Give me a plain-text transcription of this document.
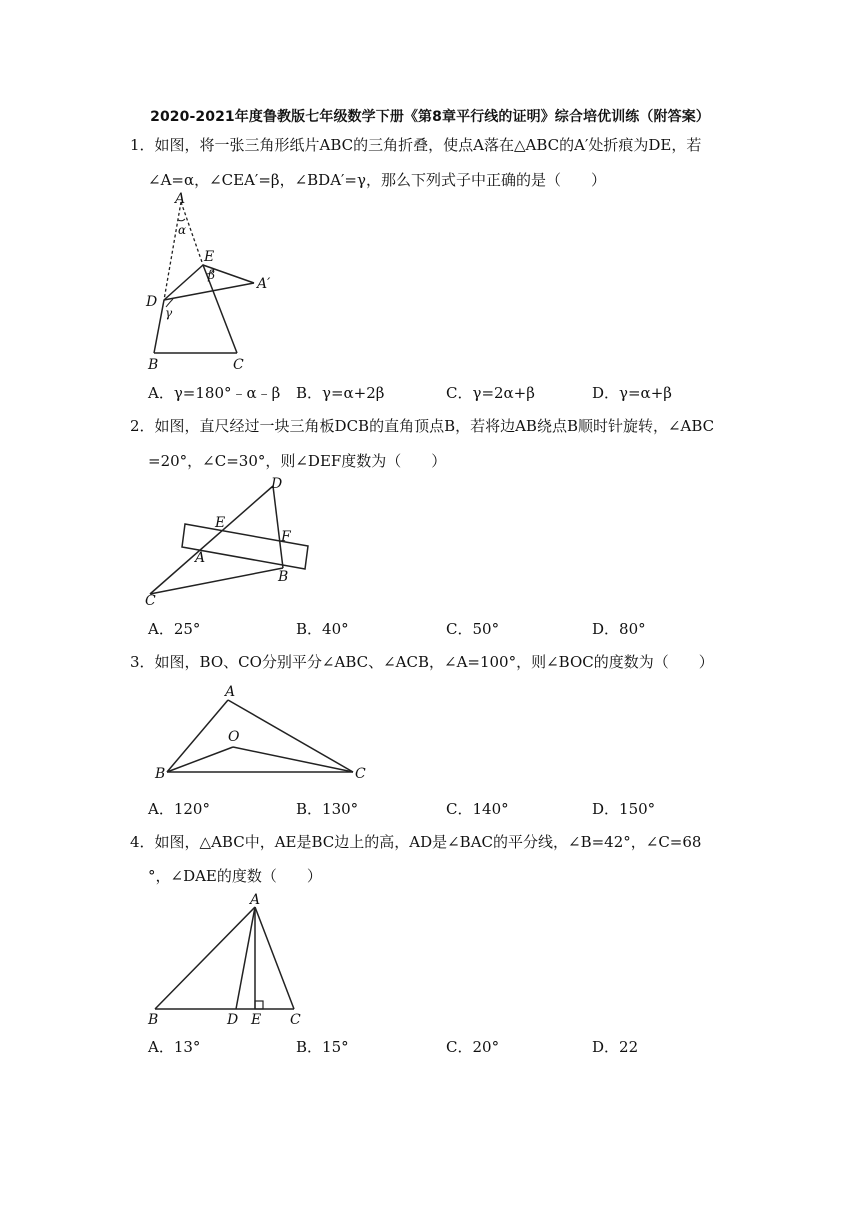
2020-2021年度鲁教版七年级数学下册《第8章平行线的证明》综合培优训练（附答案）
1．如图，将一张三角形纸片ABC的三角折叠，使点A落在△ABC的A′处折痕为DE，若
∠A=α，∠CEA′=β，∠BDA′=γ，那么下列式子中正确的是（　　）
A
α
E
β
A′
D
γ
B	C
A．γ=180°﹣α﹣β B．γ=α+2β	C．γ=2α+β	D．γ=α+β
2．如图，直尺经过一块三角板DCB的直角顶点B，若将边AB绕点B顺时针旋转，∠ABC
=20°，∠C=30°，则∠DEF度数为（　　）
D
E
F
A
B
C
A．25°	B．40°	C．50°	D．80°
3．如图，BO、CO分别平分∠ABC、∠ACB，∠A=100°，则∠BOC的度数为（　　）
A
O
B	C
A．120°	B．130°	C．140°	D．150°
4．如图，△ABC中，AE是BC边上的高，AD是∠BAC的平分线，∠B=42°，∠C=68
°，∠DAE的度数（　　）
A
B	D E C
A．13°	B．15°	C．20°	D．22
